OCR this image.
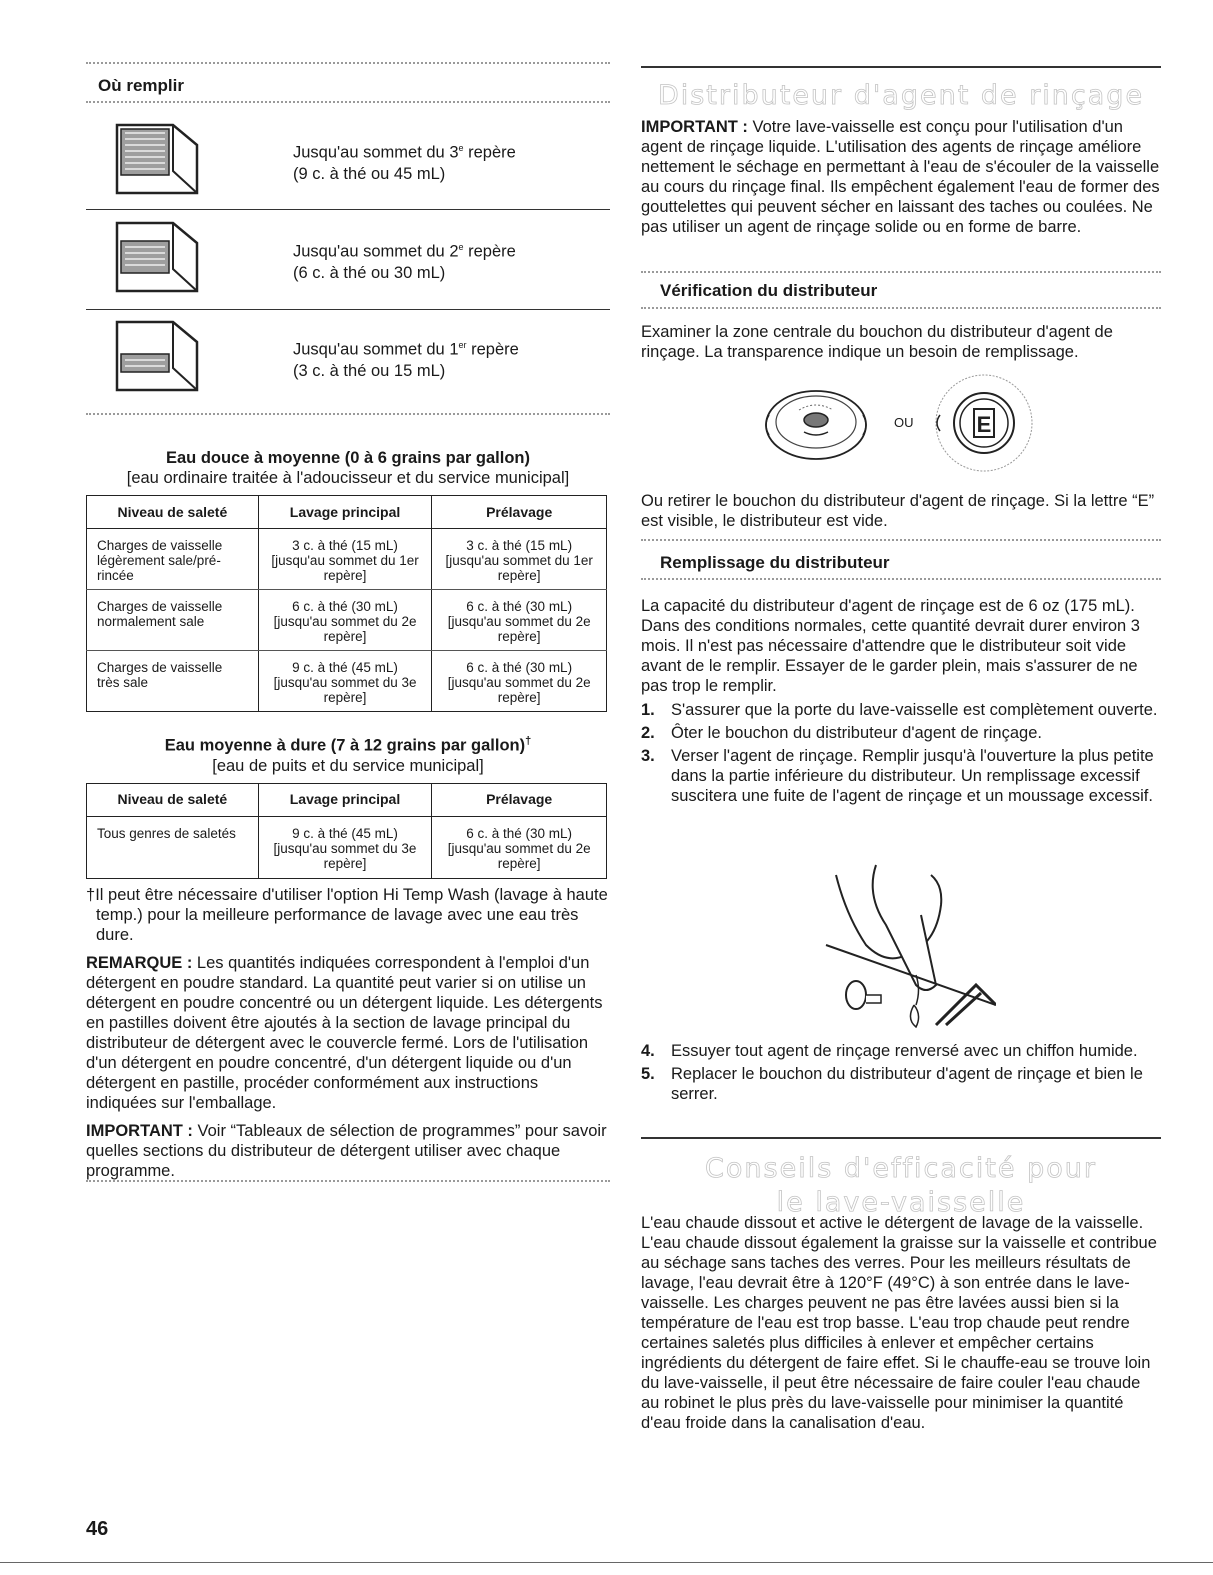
Où remplir
Jusqu'au sommet du 3e repère
(9 c. à thé ou 45 mL)
Jusqu'au sommet du 2e repère
(6 c. à thé ou 30 mL)
Jusqu'au sommet du 1er repère
(3 c. à thé ou 15 mL)
Eau douce à moyenne (0 à 6 grains par gallon)
[eau ordinaire traitée à l'adoucisseur et du service municipal]
Niveau de saleté	Lavage principal	Prélavage
Charges de vaisselle légèrement sale/pré-rincée	3 c. à thé (15 mL) [jusqu'au sommet du 1er repère]	3 c. à thé (15 mL) [jusqu'au sommet du 1er repère]
Charges de vaisselle normalement sale	6 c. à thé (30 mL) [jusqu'au sommet du 2e repère]	6 c. à thé (30 mL) [jusqu'au sommet du 2e repère]
Charges de vaisselle très sale	9 c. à thé (45 mL) [jusqu'au sommet du 3e repère]	6 c. à thé (30 mL) [jusqu'au sommet du 2e repère]
Eau moyenne à dure (7 à 12 grains par gallon)†
[eau de puits et du service municipal]
Niveau de saleté	Lavage principal	Prélavage
Tous genres de saletés	9 c. à thé (45 mL) [jusqu'au sommet du 3e repère]	6 c. à thé (30 mL) [jusqu'au sommet du 2e repère]

†Il peut être nécessaire d'utiliser l'option Hi Temp Wash (lavage à haute temp.) pour la meilleure performance de lavage avec une eau très dure.

REMARQUE : Les quantités indiquées correspondent à l'emploi d'un détergent en poudre standard. La quantité peut varier si on utilise un détergent en poudre concentré ou un détergent liquide. Les détergents en pastilles doivent être ajoutés à la section de lavage principal du distributeur de détergent avec le couvercle fermé. Lors de l'utilisation d'un détergent en poudre concentré, d'un détergent liquide ou d'un détergent en pastille, procéder conformément aux instructions indiquées sur l'emballage.

IMPORTANT : Voir “Tableaux de sélection de programmes” pour savoir quelles sections du distributeur de détergent utiliser avec chaque programme.

Distributeur d'agent de rinçage

IMPORTANT : Votre lave-vaisselle est conçu pour l'utilisation d'un agent de rinçage liquide. L'utilisation des agents de rinçage améliore nettement le séchage en permettant à l'eau de s'écouler de la vaisselle au cours du rinçage final. Ils empêchent également l'eau de former des gouttelettes qui peuvent sécher en laissant des taches ou coulées. Ne pas utiliser un agent de rinçage solide ou en forme de barre.

Vérification du distributeur

Examiner la zone centrale du bouchon du distributeur d'agent de rinçage. La transparence indique un besoin de remplissage.

OU	E

Ou retirer le bouchon du distributeur d'agent de rinçage. Si la lettre “E” est visible, le distributeur est vide.

Remplissage du distributeur

La capacité du distributeur d'agent de rinçage est de 6 oz (175 mL). Dans des conditions normales, cette quantité devrait durer environ 3 mois. Il n'est pas nécessaire d'attendre que le distributeur soit vide avant de le remplir. Essayer de le garder plein, mais s'assurer de ne pas trop le remplir.

1. S'assurer que la porte du lave-vaisselle est complètement ouverte.
2. Ôter le bouchon du distributeur d'agent de rinçage.
3. Verser l'agent de rinçage. Remplir jusqu'à l'ouverture la plus petite dans la partie inférieure du distributeur. Un remplissage excessif suscitera une fuite de l'agent de rinçage et un moussage excessif.
4. Essuyer tout agent de rinçage renversé avec un chiffon humide.
5. Replacer le bouchon du distributeur d'agent de rinçage et bien le serrer.
Conseils d'efficacité pour
le lave-vaisselle

L'eau chaude dissout et active le détergent de lavage de la vaisselle. L'eau chaude dissout également la graisse sur la vaisselle et contribue au séchage sans taches des verres. Pour les meilleurs résultats de lavage, l'eau devrait être à 120°F (49°C) à son entrée dans le lave-vaisselle. Les charges peuvent ne pas être lavées aussi bien si la température de l'eau est trop basse. L'eau trop chaude peut rendre certaines saletés plus difficiles à enlever et empêcher certains ingrédients du détergent de faire effet. Si le chauffe-eau se trouve loin du lave-vaisselle, il peut être nécessaire de faire couler l'eau chaude au robinet le plus près du lave-vaisselle pour minimiser la quantité d'eau froide dans la canalisation d'eau.

46
